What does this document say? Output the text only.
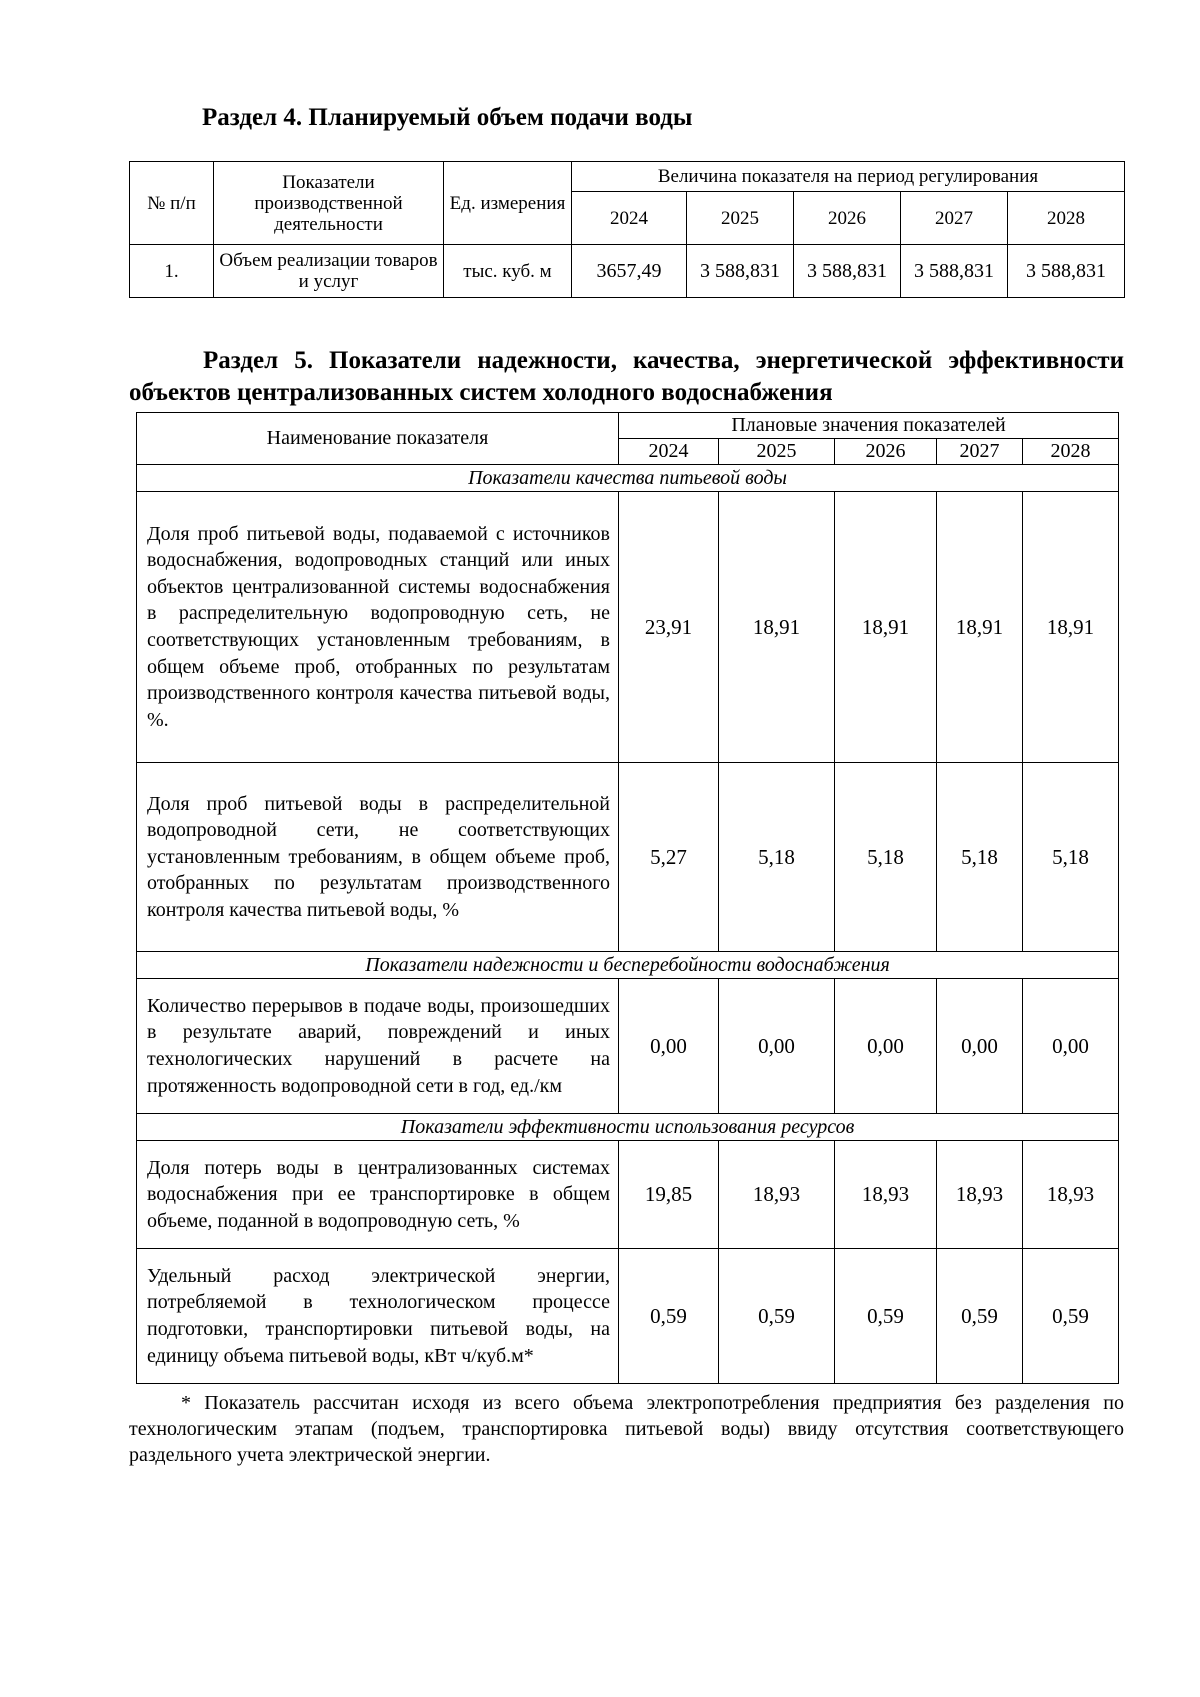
Раздел 4. Планируемый объем подачи воды
№ п/п	Показатели производственной деятельности	Ед. измерения	Величина показателя на период регулирования				
			2024	2025	2026	2027	2028
1.	Объем реализации товаров и услуг	тыс. куб. м	3657,49	3 588,831	3 588,831	3 588,831	3 588,831
Раздел 5. Показатели надежности, качества, энергетической эффективности объектов централизованных систем холодного водоснабжения
Наименование показателя	Плановые значения показателей				
	2024	2025	2026	2027	2028
Показатели качества питьевой воды					
Доля проб питьевой воды, подаваемой с источников водоснабжения, водопроводных станций или иных объектов централизованной системы водоснабжения в распределительную водопроводную сеть, не соответствующих установленным требованиям, в общем объеме проб, отобранных по результатам производственного контроля качества питьевой воды, %.	23,91	18,91	18,91	18,91	18,91
Доля проб питьевой воды в распределительной водопроводной сети, не соответствующих установленным требованиям, в общем объеме проб, отобранных по результатам производственного контроля качества питьевой воды, %	5,27	5,18	5,18	5,18	5,18
Показатели надежности и бесперебойности водоснабжения					
Количество перерывов в подаче воды, произошедших в результате аварий, повреждений и иных технологических нарушений в расчете на протяженность водопроводной сети в год, ед./км	0,00	0,00	0,00	0,00	0,00
Показатели эффективности использования ресурсов					
Доля потерь воды в централизованных системах водоснабжения при ее транспортировке в общем объеме, поданной в водопроводную сеть, %	19,85	18,93	18,93	18,93	18,93
Удельный расход электрической энергии, потребляемой в технологическом процессе подготовки, транспортировки питьевой воды, на единицу объема питьевой воды, кВт ч/куб.м*	0,59	0,59	0,59	0,59	0,59
* Показатель рассчитан исходя из всего объема электропотребления предприятия без разделения по технологическим этапам (подъем, транспортировка питьевой воды) ввиду отсутствия соответствующего раздельного учета электрической энергии.
